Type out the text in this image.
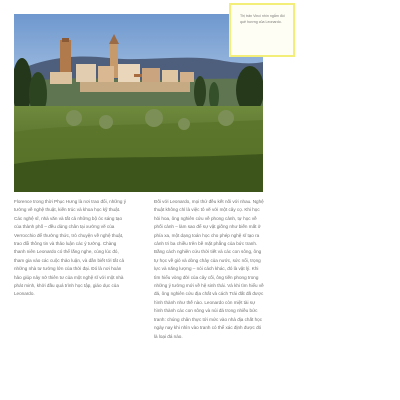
Thị trấn Vinci nhìn ngắm đồi quê hương của Leonardo.

Florence trong thời Phục Hưng là nơi trao đổi, những ý tưởng về nghệ thuật, kiến trúc và khoa học kỹ thuật. Các nghệ sĩ, nhà văn và tất cả những bộ óc sáng tạo của thành phố – đều dùng chân tại xưởng vẽ của Verrocchio để thưởng thức, trò chuyện về nghệ thuật, trao đổi thông tin và thảo luận các ý tưởng. Chàng thanh niên Leonardo có thể lắng nghe, cùng lúc đó, tham gia vào các cuộc thảo luận, và dần biết tới tất cả những nhà tư tưởng lớn của thời đại. Đó là nơi hoàn hảo giúp nảy nở thiên tư của một nghệ sĩ với một nhà phát minh, khởi đầu quá trình học tập, giáo dục của Leonardo.

Đối với Leonardo, mọi thứ đều kết nối với nhau. Nghệ thuật không chỉ là việc tô vẽ với một cây cọ. Khi học hỏi hoa, ông nghiên cứu về phong cảnh, tự học về phối cảnh – làm sao để sự vật giống như biến mất ở phía xa, một dạng toán học cho phép nghệ sĩ tạo ra cảnh tri ba chiều trên bề mặt phẳng của bức tranh. Bằng cách nghiên cứu thời tiết và các con sông, ông tự học về gió và dòng chảy của nước, sức nổi, trọng lực và năng lượng – nói cách khác, đó là vật lý. Khi tìm hiểu vòng đời của cây cối, ông tiến phong trong những ý tưởng mới về hệ sinh thái. Và khi tìm hiểu về đá, ông nghiên cứu địa chất và cách Trái đất đã được hình thành như thế nào. Leonardo còn miệt tài sự hình thành các con sông và núi đá trong nhiều bức tranh: chúng chân thực tới mức vào nhà địa chất học ngày nay khi nhìn vào tranh có thể xác định được đó là loại đá nào.
